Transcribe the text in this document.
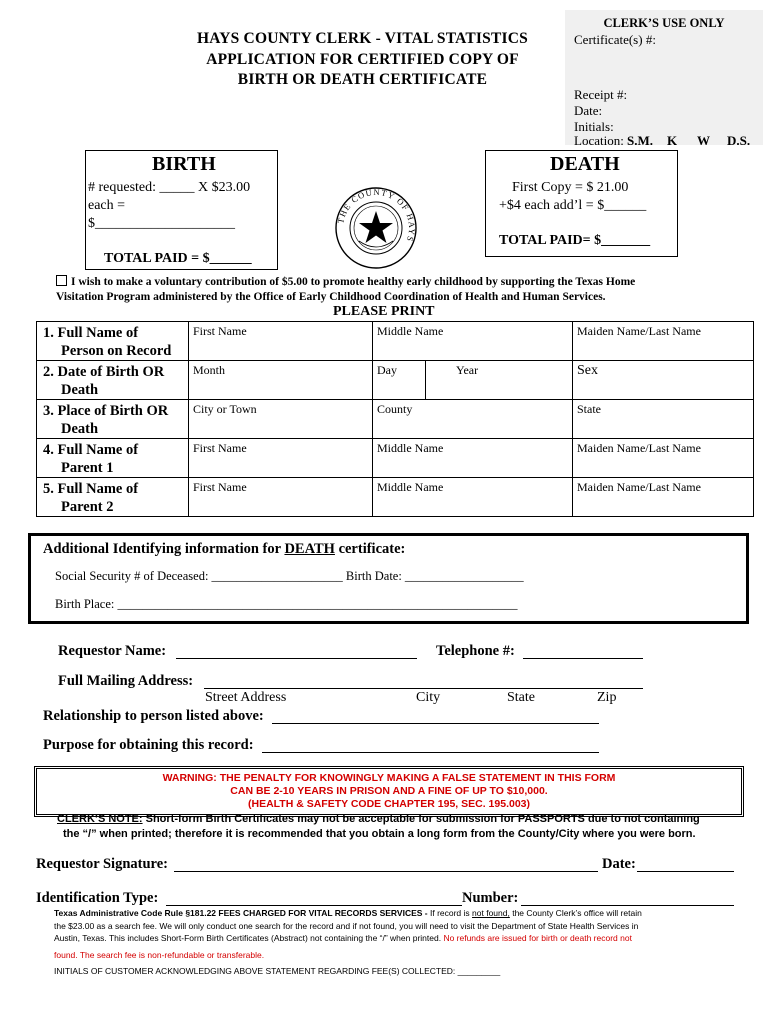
HAYS COUNTY CLERK - VITAL STATISTICS
APPLICATION FOR CERTIFIED COPY OF
BIRTH OR DEATH CERTIFICATE
CLERK’S USE ONLY
Certificate(s) #:
Receipt #:
Date:
Initials:
Location: S.M. K W D.S.
BIRTH
# requested: _____ X $23.00
each =
$____________________
TOTAL PAID = $______
THE COUNTY OF HAYS
DEATH
First Copy = $ 21.00
+$4 each add’l = $______
TOTAL PAID= $_______
I wish to make a voluntary contribution of $5.00 to promote healthy early childhood by supporting the Texas Home
Visitation Program administered by the Office of Early Childhood Coordination of Health and Human Services.
PLEASE PRINT
1. Full Name of
Person on Record	First Name	Middle Name		Maiden Name/Last Name
2. Date of Birth OR
Death	Month	Day	Year	Sex
3. Place of Birth OR
Death	City or Town	County		State
4. Full Name of
Parent 1	First Name	Middle Name		Maiden Name/Last Name
5. Full Name of
Parent 2	First Name	Middle Name		Maiden Name/Last Name
Additional Identifying information for DEATH certificate:
Social Security # of Deceased: _____________________ Birth Date: ___________________
Birth Place: ________________________________________________________________
Requestor Name:	Telephone #:
Full Mailing Address:
Street Address	City	State	Zip
Relationship to person listed above:
Purpose for obtaining this record:
WARNING: THE PENALTY FOR KNOWINGLY MAKING A FALSE STATEMENT IN THIS FORM
CAN BE 2-10 YEARS IN PRISON AND A FINE OF UP TO $10,000.
(HEALTH & SAFETY CODE CHAPTER 195, SEC. 195.003)
CLERK’S NOTE: Short-form Birth Certificates may not be acceptable for submission for PASSPORTS due to not containing
the “/” when printed; therefore it is recommended that you obtain a long form from the County/City where you were born.
Requestor Signature:	Date:
Identification Type:	Number:
Texas Administrative Code Rule §181.22 FEES CHARGED FOR VITAL RECORDS SERVICES - If record is not found, the County Clerk’s office will retain
the $23.00 as a search fee. We will only conduct one search for the record and if not found, you will need to visit the Department of State Health Services in
Austin, Texas. This includes Short-Form Birth Certificates (Abstract) not containing the “/” when printed. No refunds are issued for birth or death record not
found. The search fee is non-refundable or transferable.
INITIALS OF CUSTOMER ACKNOWLEDGING ABOVE STATEMENT REGARDING FEE(S) COLLECTED: _________
